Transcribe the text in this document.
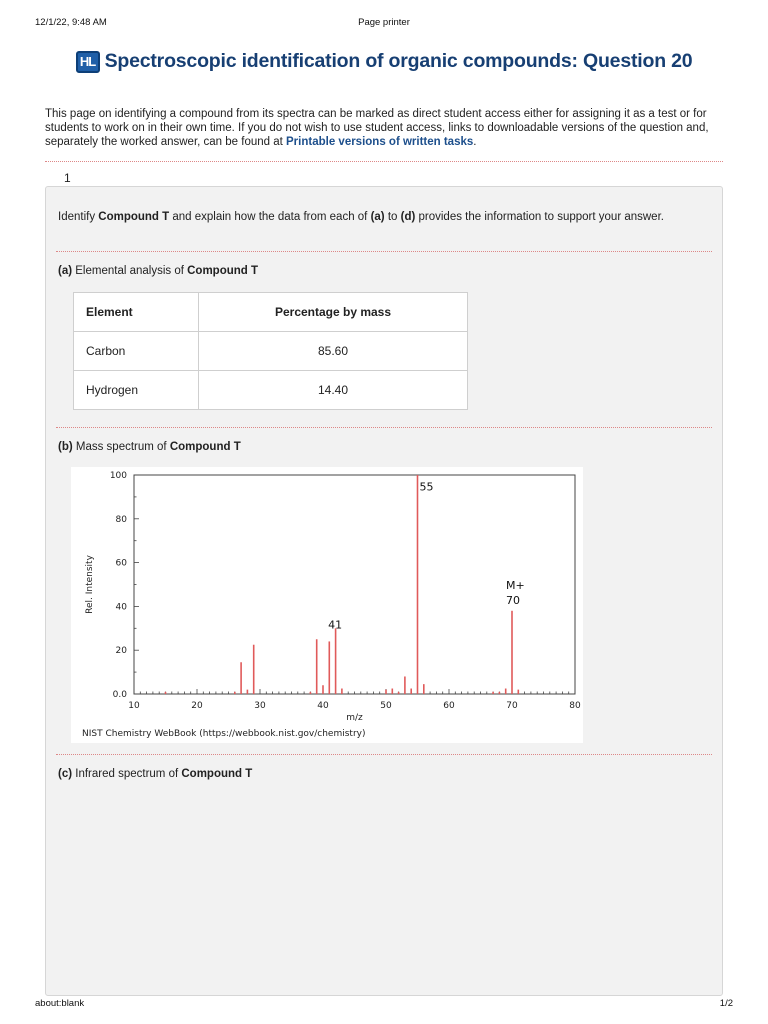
12/1/22, 9:48 AM	Page printer
HL Spectroscopic identification of organic compounds: Question 20
This page on identifying a compound from its spectra can be marked as direct student access either for assigning it as a test or for students to work on in their own time. If you do not wish to use student access, links to downloadable versions of the question and, separately the worked answer, can be found at Printable versions of written tasks.
1
Identify Compound T and explain how the data from each of (a) to (d) provides the information to support your answer.
(a) Elemental analysis of Compound T
Element	Percentage by mass
Carbon	85.60
Hydrogen	14.40
(b) Mass spectrum of Compound T
10	20	30	40	50	60	70	80
0.0
20
40
60
80
100
55
41
M+ 70
m/z
Rel. Intensity
NIST Chemistry WebBook (https://webbook.nist.gov/chemistry)
(c) Infrared spectrum of Compound T
about:blank	1/2
